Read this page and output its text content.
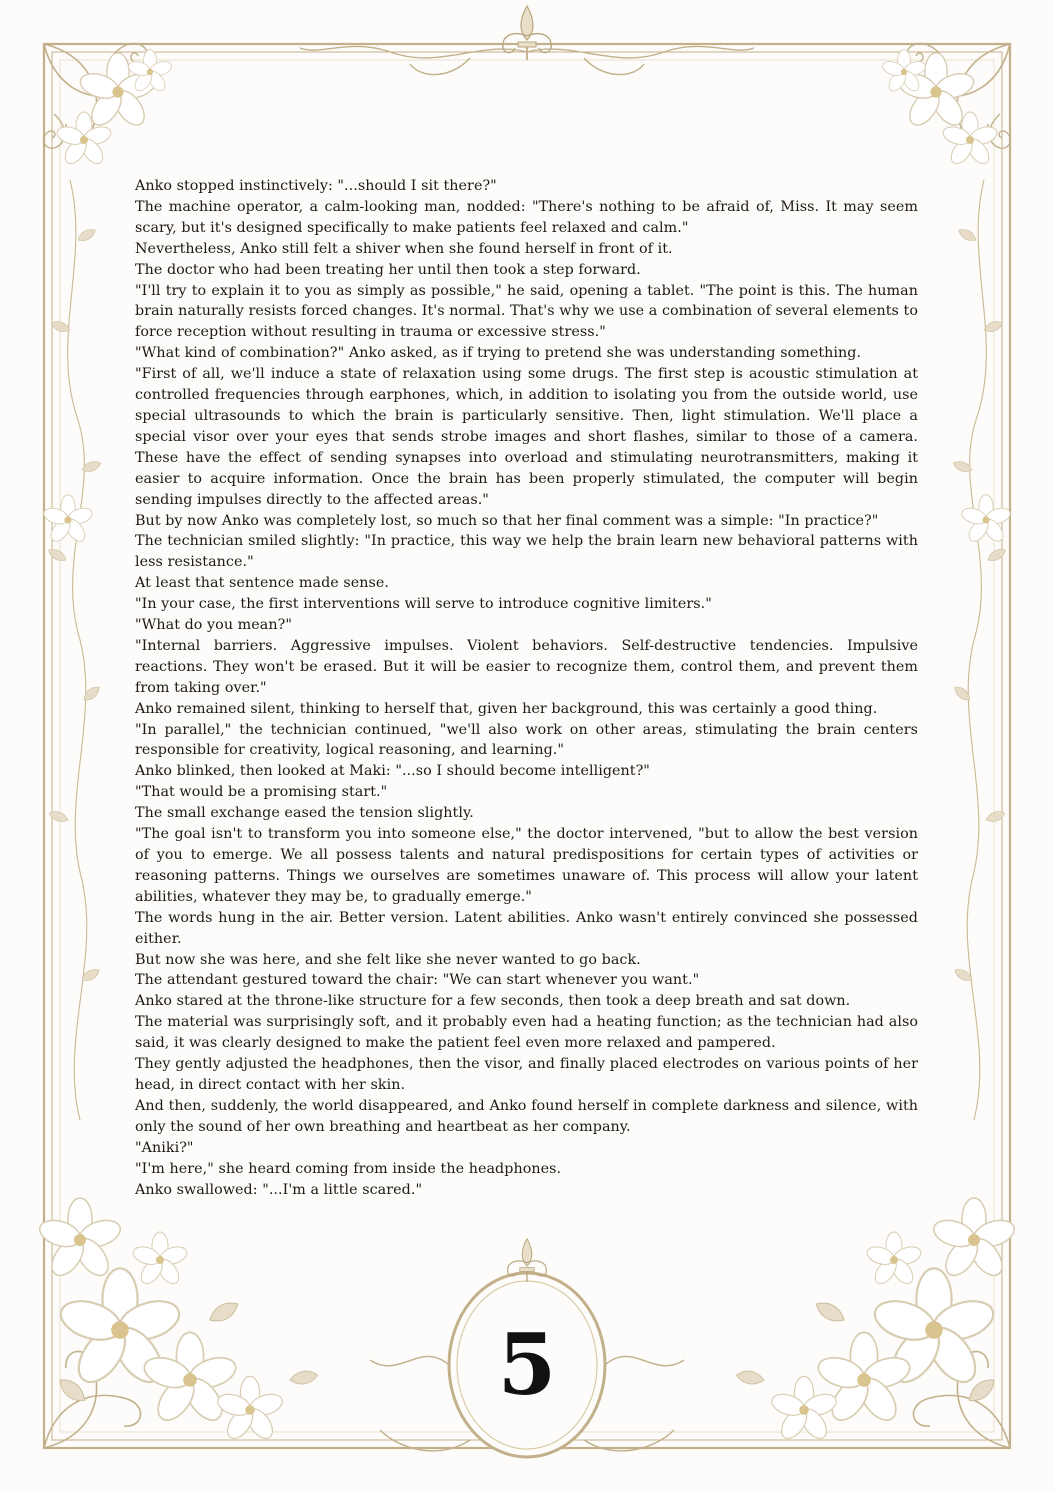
Anko stopped instinctively: "...should I sit there?"

The machine operator, a calm-looking man, nodded: "There's nothing to be afraid of, Miss. It may seem scary, but it's designed specifically to make patients feel relaxed and calm."

Nevertheless, Anko still felt a shiver when she found herself in front of it.

The doctor who had been treating her until then took a step forward.

"I'll try to explain it to you as simply as possible," he said, opening a tablet. "The point is this. The human brain naturally resists forced changes. It's normal. That's why we use a combination of several elements to force reception without resulting in trauma or excessive stress."

"What kind of combination?" Anko asked, as if trying to pretend she was understanding something.

"First of all, we'll induce a state of relaxation using some drugs. The first step is acoustic stimulation at controlled frequencies through earphones, which, in addition to isolating you from the outside world, use special ultrasounds to which the brain is particularly sensitive. Then, light stimulation. We'll place a special visor over your eyes that sends strobe images and short flashes, similar to those of a camera. These have the effect of sending synapses into overload and stimulating neurotransmitters, making it easier to acquire information. Once the brain has been properly stimulated, the computer will begin sending impulses directly to the affected areas."

But by now Anko was completely lost, so much so that her final comment was a simple: "In practice?"

The technician smiled slightly: "In practice, this way we help the brain learn new behavioral patterns with less resistance."

At least that sentence made sense.

"In your case, the first interventions will serve to introduce cognitive limiters."

"What do you mean?"

"Internal barriers. Aggressive impulses. Violent behaviors. Self-destructive tendencies. Impulsive reactions. They won't be erased. But it will be easier to recognize them, control them, and prevent them from taking over."

Anko remained silent, thinking to herself that, given her background, this was certainly a good thing.

"In parallel," the technician continued, "we'll also work on other areas, stimulating the brain centers responsible for creativity, logical reasoning, and learning."

Anko blinked, then looked at Maki: "...so I should become intelligent?"

"That would be a promising start."

The small exchange eased the tension slightly.

"The goal isn't to transform you into someone else," the doctor intervened, "but to allow the best version of you to emerge. We all possess talents and natural predispositions for certain types of activities or reasoning patterns. Things we ourselves are sometimes unaware of. This process will allow your latent abilities, whatever they may be, to gradually emerge."

The words hung in the air. Better version. Latent abilities. Anko wasn't entirely convinced she possessed either.

But now she was here, and she felt like she never wanted to go back.

The attendant gestured toward the chair: "We can start whenever you want."

Anko stared at the throne-like structure for a few seconds, then took a deep breath and sat down.

The material was surprisingly soft, and it probably even had a heating function; as the technician had also said, it was clearly designed to make the patient feel even more relaxed and pampered.

They gently adjusted the headphones, then the visor, and finally placed electrodes on various points of her head, in direct contact with her skin.

And then, suddenly, the world disappeared, and Anko found herself in complete darkness and silence, with only the sound of her own breathing and heartbeat as her company.

"Aniki?"

"I'm here," she heard coming from inside the headphones.

Anko swallowed: "...I'm a little scared."

5
